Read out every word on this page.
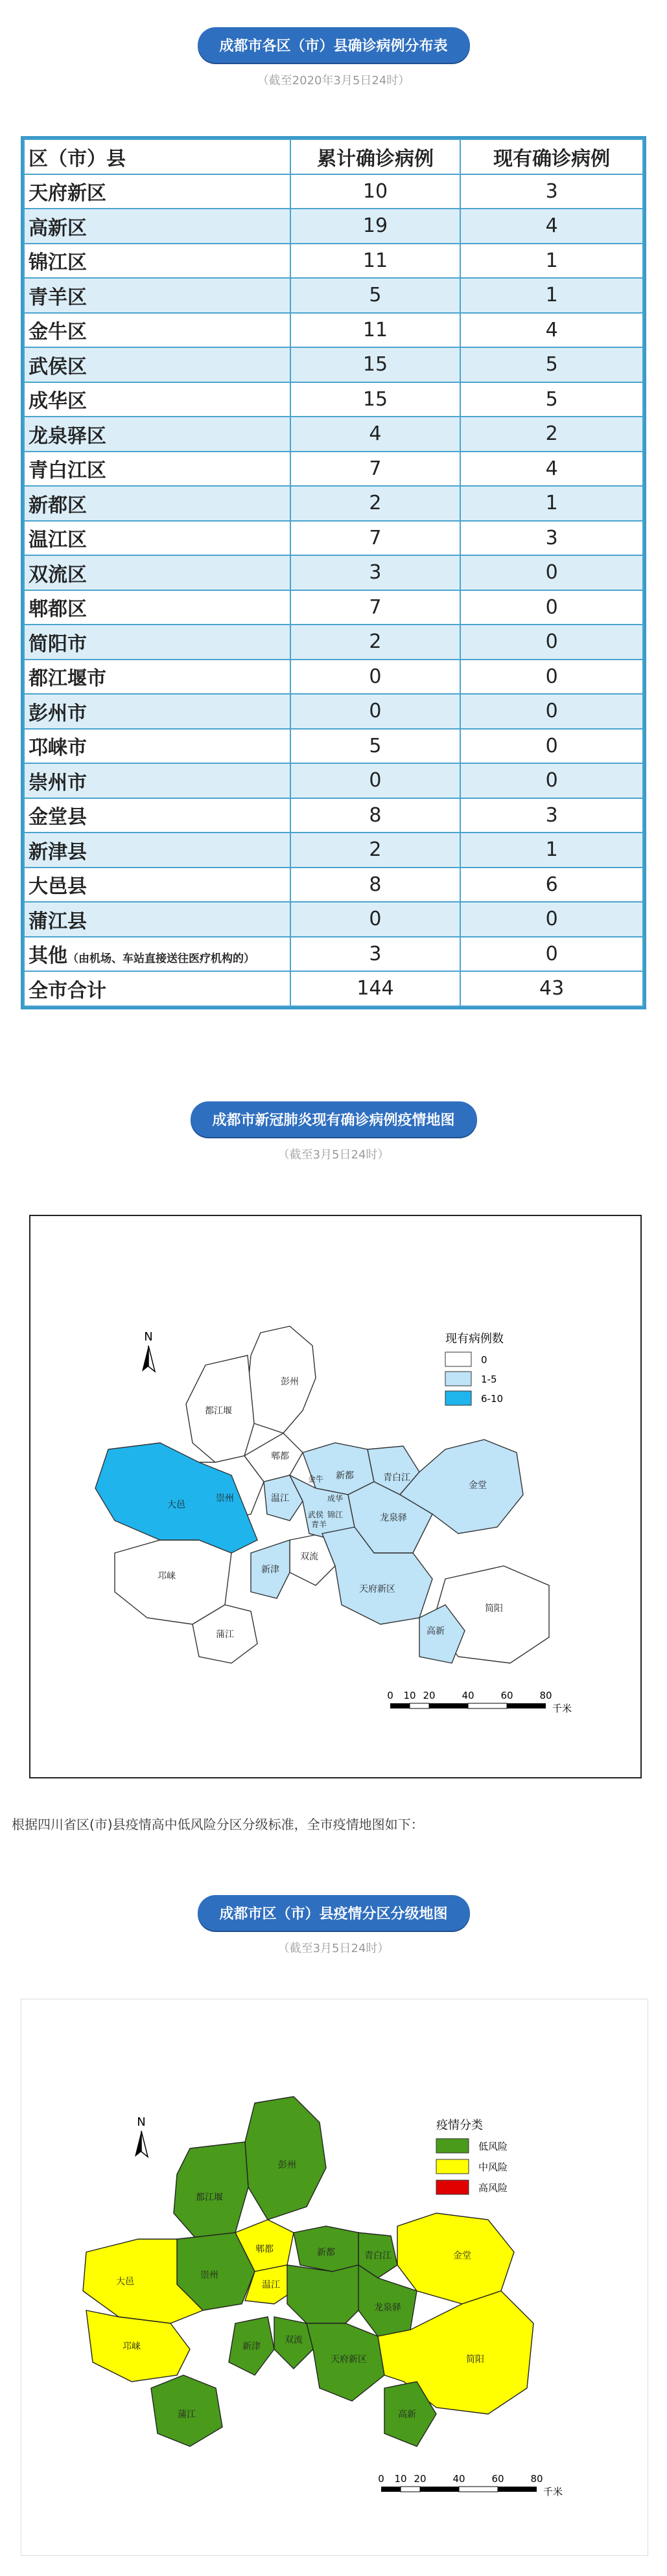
成都市各区（市）县确诊病例分布表
（截至2020年3月5日24时）
区（市）县	累计确诊病例	现有确诊病例
天府新区	10	3
高新区	19	4
锦江区	11	1
青羊区	5	1
金牛区	11	4
武侯区	15	5
成华区	15	5
龙泉驿区	4	2
青白江区	7	4
新都区	2	1
温江区	7	3
双流区	3	0
郫都区	7	0
简阳市	2	0
都江堰市	0	0
彭州市	0	0
邛崃市	5	0
崇州市	0	0
金堂县	8	3
新津县	2	1
大邑县	8	6
蒲江县	0	0
其他（由机场、车站直接送往医疗机构的）	3	0
全市合计	144	43
成都市新冠肺炎现有确诊病例疫情地图
（截至3月5日24时）
N
彭州
都江堰
郫都
新都	青白江
金堂
崇州	温江
大邑
邛崃
蒲江
新津
双流
龙泉驿
天府新区
简阳
高新
金牛
成华
武侯 锦江
青羊
现有病例数
0
1-5
6-10
0 10 20	40	60	80
千米
根据四川省区(市)县疫情高中低风险分区分级标准，全市疫情地图如下：
成都市区（市）县疫情分区分级地图
（截至3月5日24时）
N
彭州
都江堰
郫都	新都	青白江	金堂
崇州
温江
大邑
邛崃
蒲江
新津
双流
龙泉驿
天府新区	简阳
高新
疫情分类
低风险
中风险
高风险
0 10 20	40	60	80
千米
